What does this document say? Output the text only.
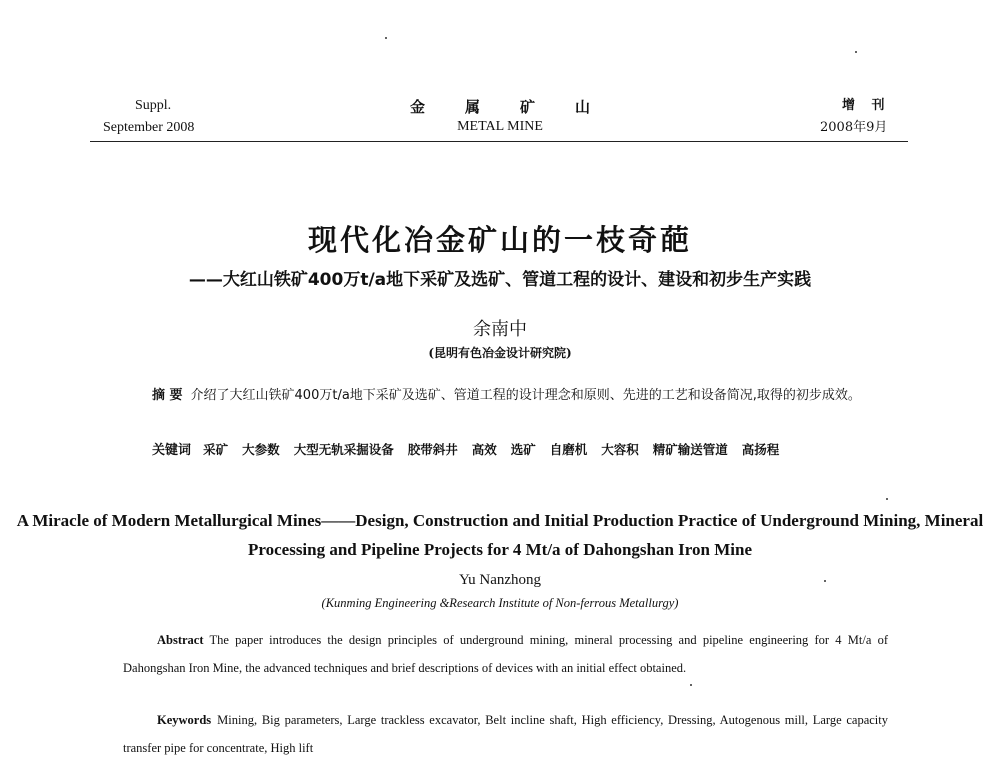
Suppl.
September 2008
金属矿山
METAL MINE
增 刊
2008年9月
现代化冶金矿山的一枝奇葩
——大红山铁矿400万t/a地下采矿及选矿、管道工程的设计、建设和初步生产实践
余南中
(昆明有色冶金设计研究院)
摘 要 介绍了大红山铁矿400万t/a地下采矿及选矿、管道工程的设计理念和原则、先进的工艺和设备简况,取得的初步成效。
关键词 采矿 大参数 大型无轨采掘设备 胶带斜井 高效 选矿 自磨机 大容积 精矿输送管道 高扬程
A Miracle of Modern Metallurgical Mines——Design, Construction and Initial Production Practice of Underground Mining, Mineral Processing and Pipeline Projects for 4 Mt/a of Dahongshan Iron Mine
Yu Nanzhong
(Kunming Engineering &Research Institute of Non-ferrous Metallurgy)
Abstract The paper introduces the design principles of underground mining, mineral processing and pipeline engineering for 4 Mt/a of Dahongshan Iron Mine, the advanced techniques and brief descriptions of devices with an initial effect obtained.
Keywords Mining, Big parameters, Large trackless excavator, Belt incline shaft, High efficiency, Dressing, Autogenous mill, Large capacity transfer pipe for concentrate, High lift
